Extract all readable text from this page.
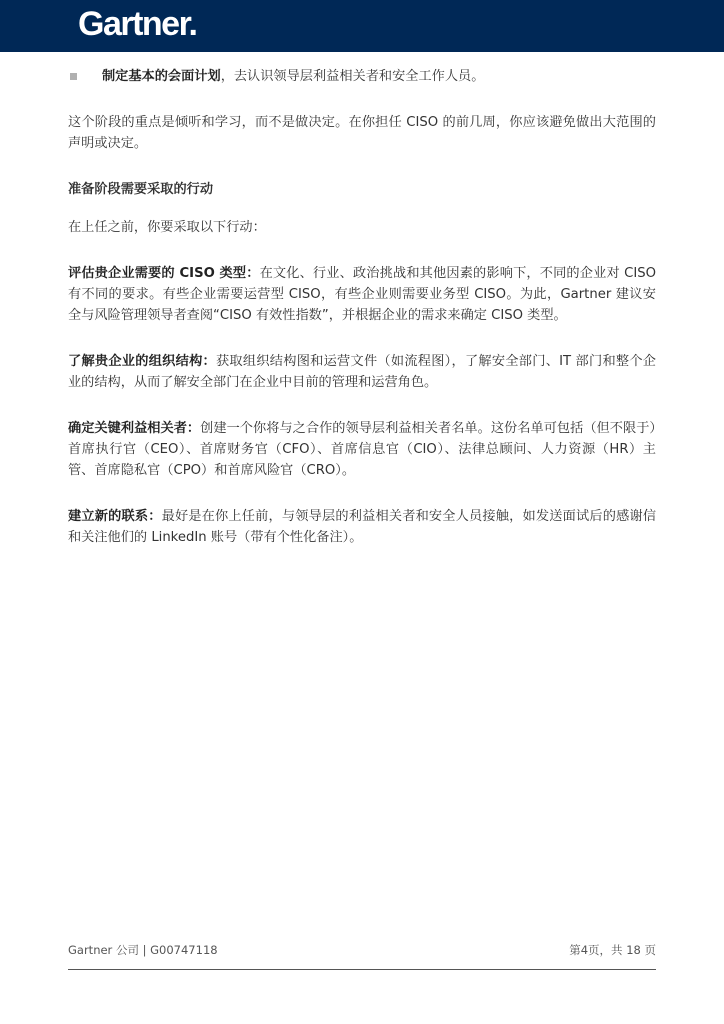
Gartner.
制定基本的会面计划，去认识领导层利益相关者和安全工作人员。

这个阶段的重点是倾听和学习，而不是做决定。在你担任 CISO 的前几周，你应该避免做出大范围的声明或决定。

准备阶段需要采取的行动

在上任之前，你要采取以下行动：

评估贵企业需要的 CISO 类型：在文化、行业、政治挑战和其他因素的影响下，不同的企业对 CISO 有不同的要求。有些企业需要运营型 CISO，有些企业则需要业务型 CISO。为此，Gartner 建议安全与风险管理领导者查阅“CISO 有效性指数”，并根据企业的需求来确定 CISO 类型。

了解贵企业的组织结构：获取组织结构图和运营文件（如流程图），了解安全部门、IT 部门和整个企业的结构，从而了解安全部门在企业中目前的管理和运营角色。

确定关键利益相关者：创建一个你将与之合作的领导层利益相关者名单。这份名单可包括（但不限于）首席执行官（CEO）、首席财务官（CFO）、首席信息官（CIO）、法律总顾问、人力资源（HR）主管、首席隐私官（CPO）和首席风险官（CRO）。

建立新的联系：最好是在你上任前，与领导层的利益相关者和安全人员接触，如发送面试后的感谢信和关注他们的 LinkedIn 账号（带有个性化备注）。

Gartner 公司 | G00747118	第4页，共 18 页
